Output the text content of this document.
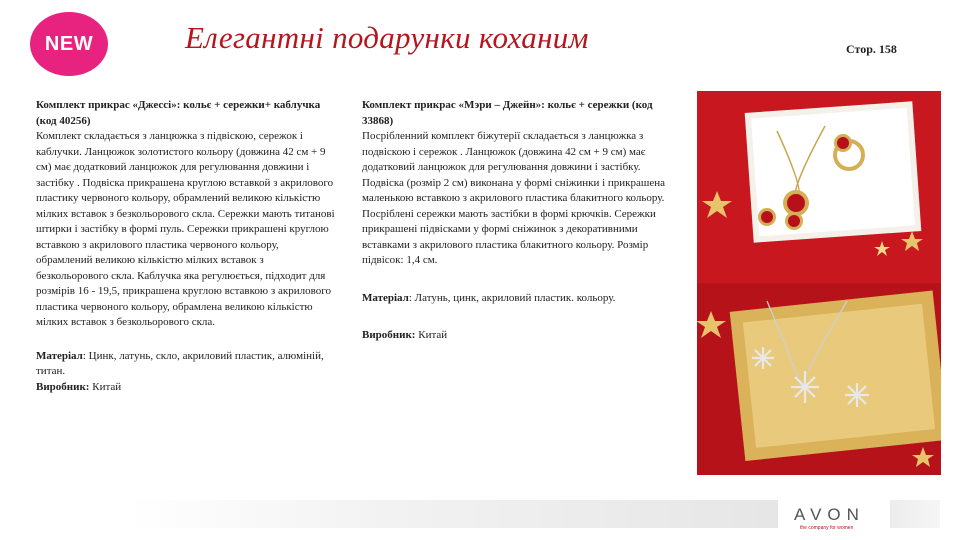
NEW	Елегантні подарунки коханим	Стор. 158

Комплект прикрас «Джессі»: кольє + сережки+ каблучка (код 40256)

Комплект складається з ланцюжка з підвіскою, сережок і каблучки. Ланцюжок золотистого кольору (довжина 42 см + 9 см) має додатковий ланцюжок для регулювання довжини і застібку . Подвіска прикрашена круглою вставкой з акрилового пластику червоного кольору, обрамлений великою кількістю мілких вставок з безкольорового скла. Сережки мають титанові штирки і застібку в формі пуль. Сережки прикрашені круглою вставкою з акрилового пластика червоного кольору, обрамлений великою кількістю мілких вставок з безкольорового скла. Каблучка яка регулюється, підходит для розмірів 16 - 19,5, прикрашена круглою вставкою з акрилового пластика червоного кольору, обрамлена великою кількістю мілких вставок з безкольорового скла.

Матеріал: Цинк, латунь, скло, акриловий пластик, алюміній, титан.
Виробник: Китай

Комплект прикрас «Мэри – Джейн»: кольє + сережки (код 33868)

Посрібленний комплект біжутерії складається з ланцюжка з подвіскою і сережок . Ланцюжок (довжина 42 см + 9 см) має додатковий ланцюжок для регулювання довжини і застібку. Подвіска (розмір 2 см) виконана у формі сніжинки і прикрашена маленькою вставкою з акрилового пластика блакитного кольору. Посріблені сережки мають застібки в формі крючків. Сережки прикрашені підвісками у формі сніжинок з декоративними вставками з акрилового пластика блакитного кольору. Розмір підвісок: 1,4 см.

Матеріал: Латунь, цинк, акриловий пластик. кольору.
Виробник: Китай
AVON
the company for women
